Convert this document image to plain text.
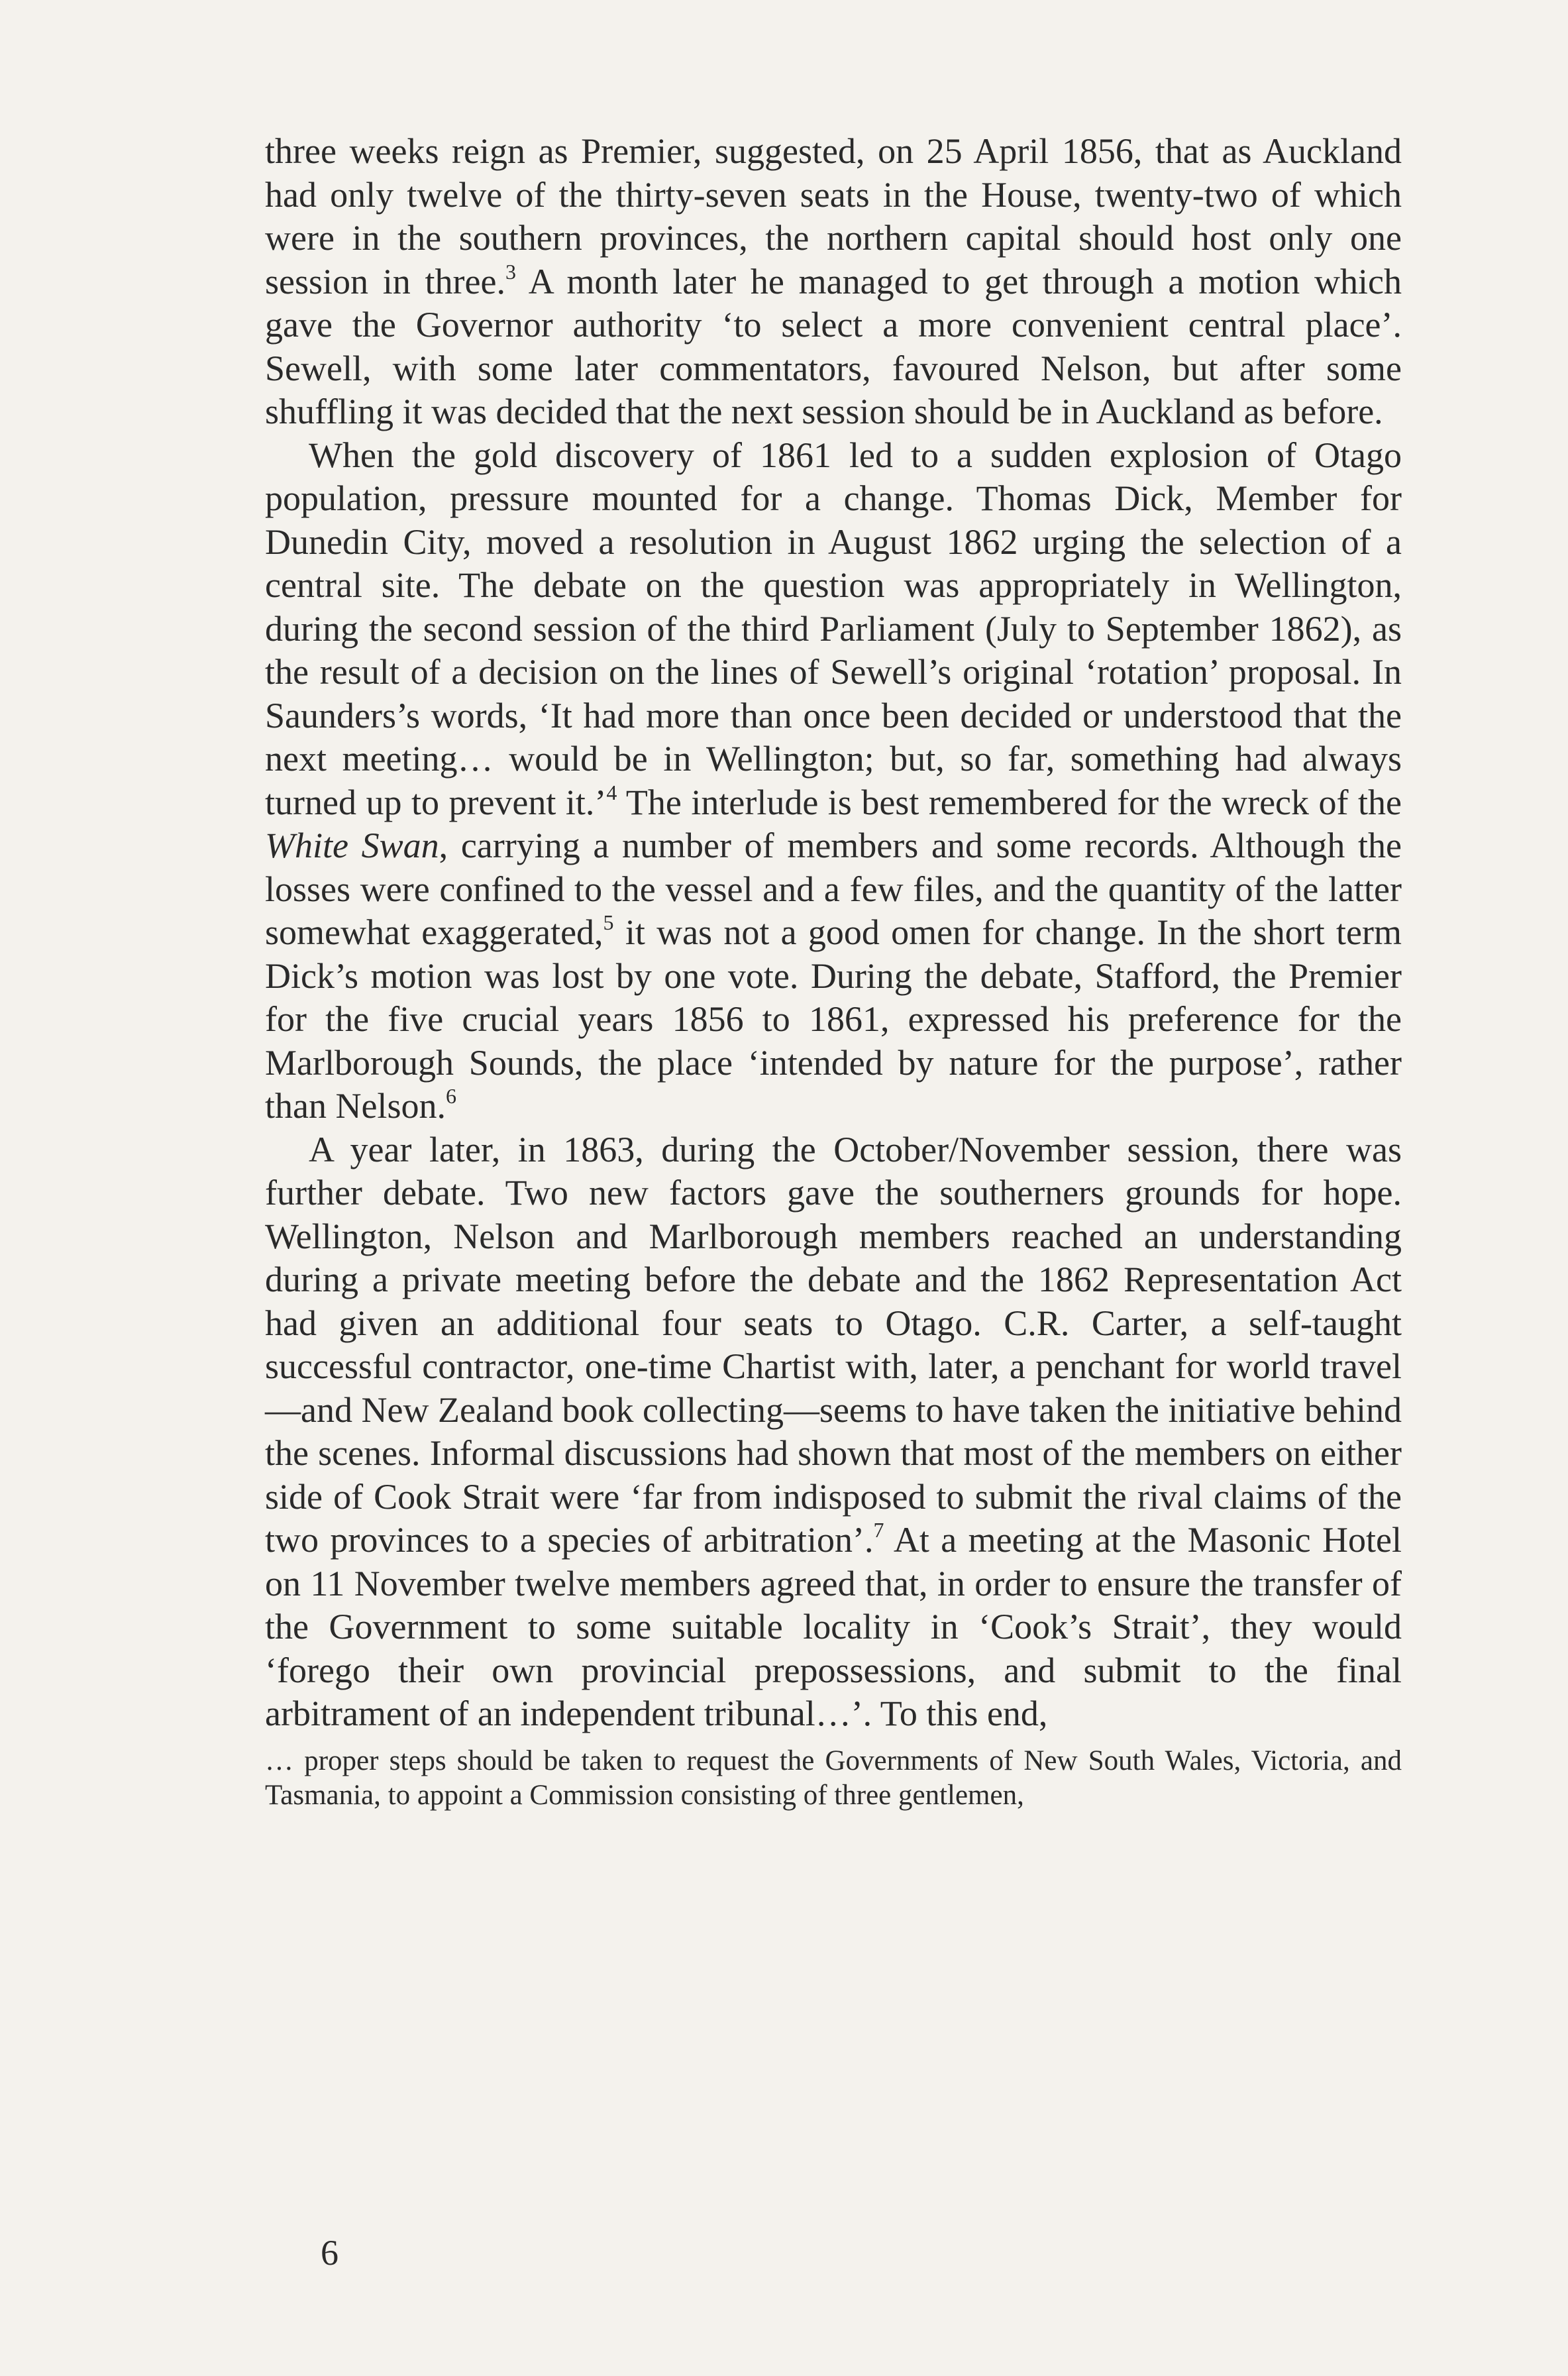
three weeks reign as Premier, suggested, on 25 April 1856, that as Auckland had only twelve of the thirty-seven seats in the House, twenty-two of which were in the southern provinces, the northern capital should host only one session in three.$^3$ A month later he managed to get through a motion which gave the Governor authority ‘to select a more convenient central place’. Sewell, with some later commentators, favoured Nelson, but after some shuffling it was decided that the next session should be in Auckland as before.

When the gold discovery of 1861 led to a sudden explosion of Otago population, pressure mounted for a change. Thomas Dick, Member for Dunedin City, moved a resolution in August 1862 urging the selection of a central site. The debate on the question was appropriately in Wellington, during the second session of the third Parliament (July to September 1862), as the result of a decision on the lines of Sewell’s original ‘rotation’ proposal. In Saunders’s words, ‘It had more than once been decided or understood that the next meeting… would be in Wellington; but, so far, something had always turned up to prevent it.’$^4$ The interlude is best remembered for the wreck of the White Swan, carrying a number of members and some records. Although the losses were confined to the vessel and a few files, and the quantity of the latter somewhat exaggerated,$^5$ it was not a good omen for change. In the short term Dick’s motion was lost by one vote. During the debate, Stafford, the Premier for the five crucial years 1856 to 1861, expressed his preference for the Marlborough Sounds, the place ‘intended by nature for the purpose’, rather than Nelson.$^6$

A year later, in 1863, during the October/November session, there was further debate. Two new factors gave the southerners grounds for hope. Wellington, Nelson and Marlborough members reached an understanding during a private meeting before the debate and the 1862 Representation Act had given an additional four seats to Otago. C.R. Carter, a self-taught successful contractor, one-time Chartist with, later, a penchant for world travel—and New Zealand book collecting—seems to have taken the initiative behind the scenes. Informal discussions had shown that most of the members on either side of Cook Strait were ‘far from indisposed to submit the rival claims of the two provinces to a species of arbitration’.$^7$ At a meeting at the Masonic Hotel on 11 November twelve members agreed that, in order to ensure the transfer of the Government to some suitable locality in ‘Cook’s Strait’, they would ‘forego their own provincial prepossessions, and submit to the final arbitrament of an independent tribunal…’. To this end,

… proper steps should be taken to request the Governments of New South Wales, Victoria, and Tasmania, to appoint a Commission consisting of three gentlemen,

6
